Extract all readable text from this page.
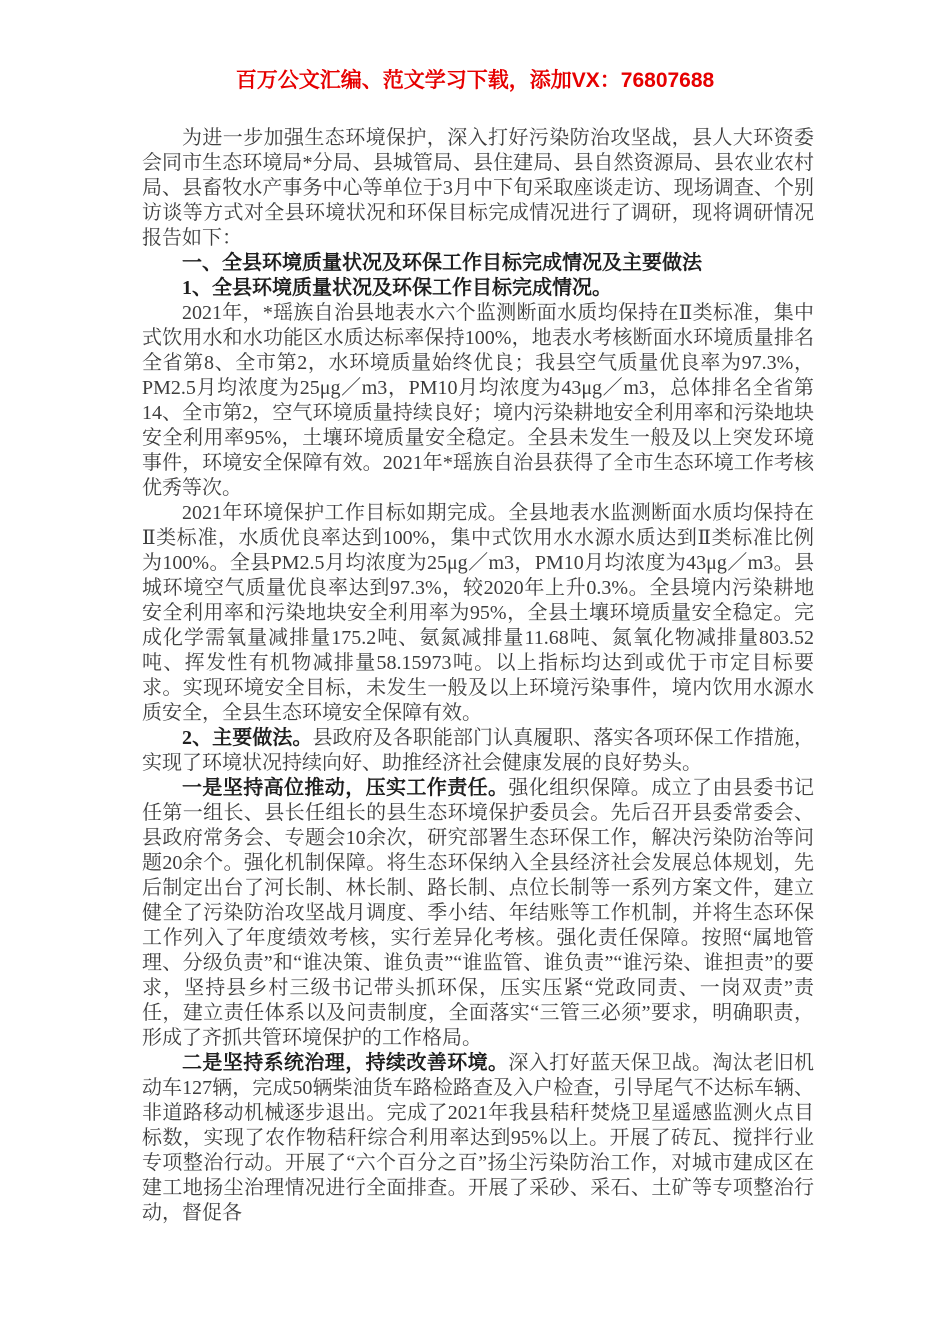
百万公文汇编、范文学习下载，添加VX：76807688

为进一步加强生态环境保护，深入打好污染防治攻坚战，县人大环资委会同市生态环境局*分局、县城管局、县住建局、县自然资源局、县农业农村局、县畜牧水产事务中心等单位于3月中下旬采取座谈走访、现场调查、个别访谈等方式对全县环境状况和环保目标完成情况进行了调研，现将调研情况报告如下：

一、全县环境质量状况及环保工作目标完成情况及主要做法

1、全县环境质量状况及环保工作目标完成情况。

2021年，*瑶族自治县地表水六个监测断面水质均保持在Ⅱ类标准，集中式饮用水和水功能区水质达标率保持100%，地表水考核断面水环境质量排名全省第8、全市第2，水环境质量始终优良；我县空气质量优良率为97.3%，PM2.5月均浓度为25μg／m3，PM10月均浓度为43μg／m3，总体排名全省第14、全市第2，空气环境质量持续良好；境内污染耕地安全利用率和污染地块安全利用率95%，土壤环境质量安全稳定。全县未发生一般及以上突发环境事件，环境安全保障有效。2021年*瑶族自治县获得了全市生态环境工作考核优秀等次。

2021年环境保护工作目标如期完成。全县地表水监测断面水质均保持在Ⅱ类标准，水质优良率达到100%，集中式饮用水水源水质达到Ⅱ类标准比例为100%。全县PM2.5月均浓度为25μg／m3，PM10月均浓度为43μg／m3。县城环境空气质量优良率达到97.3%，较2020年上升0.3%。全县境内污染耕地安全利用率和污染地块安全利用率为95%，全县土壤环境质量安全稳定。完成化学需氧量减排量175.2吨、氨氮减排量11.68吨、氮氧化物减排量803.52吨、挥发性有机物减排量58.15973吨。以上指标均达到或优于市定目标要求。实现环境安全目标，未发生一般及以上环境污染事件，境内饮用水源水质安全，全县生态环境安全保障有效。

2、主要做法。县政府及各职能部门认真履职、落实各项环保工作措施，实现了环境状况持续向好、助推经济社会健康发展的良好势头。

一是坚持高位推动，压实工作责任。强化组织保障。成立了由县委书记任第一组长、县长任组长的县生态环境保护委员会。先后召开县委常委会、县政府常务会、专题会10余次，研究部署生态环保工作，解决污染防治等问题20余个。强化机制保障。将生态环保纳入全县经济社会发展总体规划，先后制定出台了河长制、林长制、路长制、点位长制等一系列方案文件，建立健全了污染防治攻坚战月调度、季小结、年结账等工作机制，并将生态环保工作列入了年度绩效考核，实行差异化考核。强化责任保障。按照“属地管理、分级负责”和“谁决策、谁负责”“谁监管、谁负责”“谁污染、谁担责”的要求，坚持县乡村三级书记带头抓环保，压实压紧“党政同责、一岗双责”责任，建立责任体系以及问责制度，全面落实“三管三必须”要求，明确职责，形成了齐抓共管环境保护的工作格局。

二是坚持系统治理，持续改善环境。深入打好蓝天保卫战。淘汰老旧机动车127辆，完成50辆柴油货车路检路查及入户检查，引导尾气不达标车辆、非道路移动机械逐步退出。完成了2021年我县秸秆焚烧卫星遥感监测火点目标数，实现了农作物秸秆综合利用率达到95%以上。开展了砖瓦、搅拌行业专项整治行动。开展了“六个百分之百”扬尘污染防治工作，对城市建成区在建工地扬尘治理情况进行全面排查。开展了采砂、采石、土矿等专项整治行动，督促各
